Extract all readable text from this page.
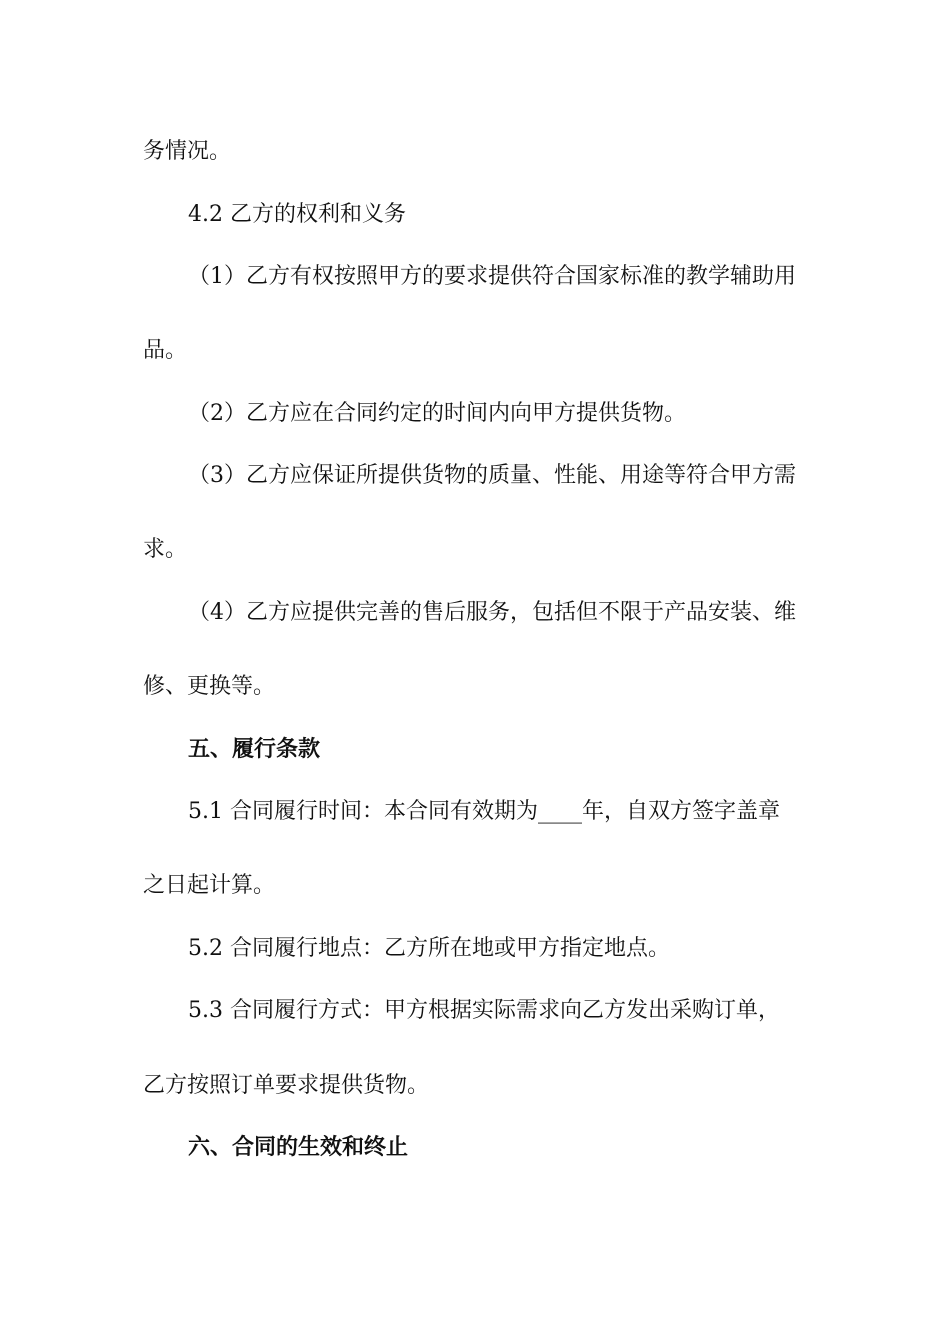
务情况。
4.2 乙方的权利和义务
（1）乙方有权按照甲方的要求提供符合国家标准的教学辅助用
品。
（2）乙方应在合同约定的时间内向甲方提供货物。
（3）乙方应保证所提供货物的质量、性能、用途等符合甲方需
求。
（4）乙方应提供完善的售后服务，包括但不限于产品安装、维
修、更换等。
五、履行条款
5.1 合同履行时间：本合同有效期为____年，自双方签字盖章
之日起计算。
5.2 合同履行地点：乙方所在地或甲方指定地点。
5.3 合同履行方式：甲方根据实际需求向乙方发出采购订单，
乙方按照订单要求提供货物。
六、合同的生效和终止
